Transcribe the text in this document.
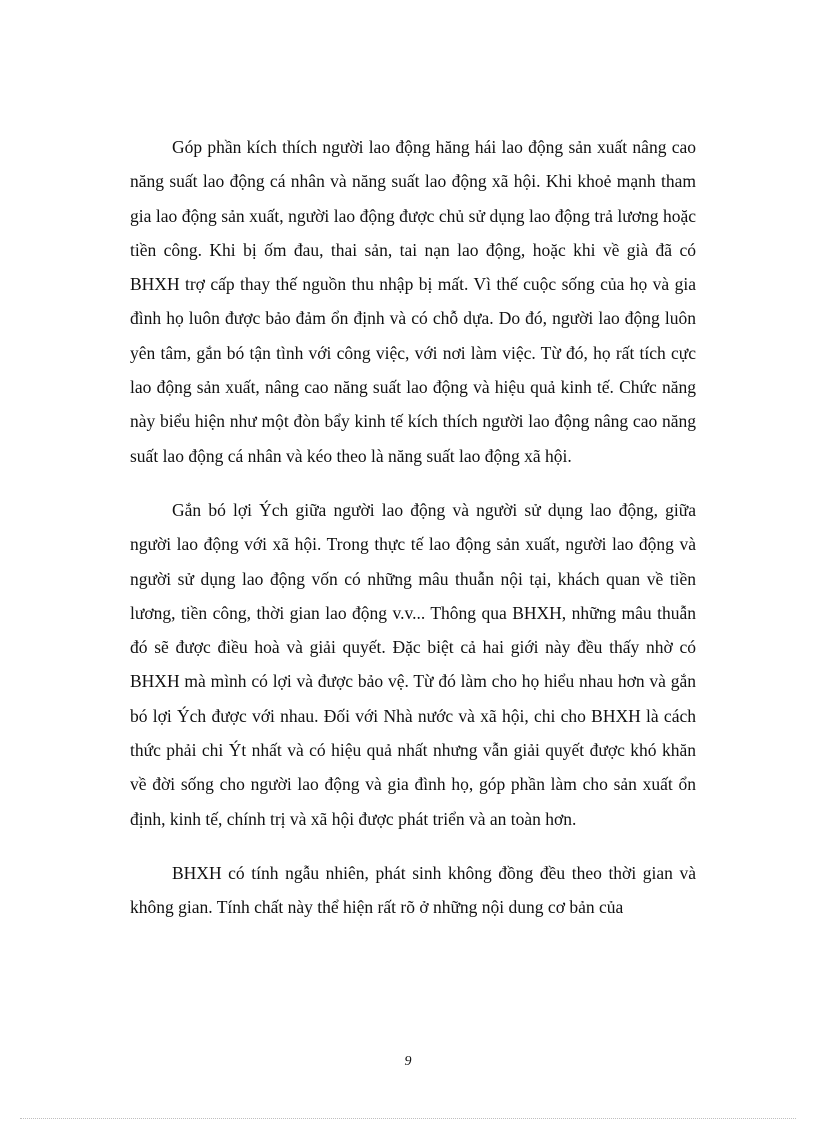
Góp phần kích thích người lao động hăng hái lao động sản xuất nâng cao năng suất lao động cá nhân và năng suất lao động xã hội. Khi khoẻ mạnh tham gia lao động sản xuất, người lao động được chủ sử dụng lao động trả lương hoặc tiền công. Khi bị ốm đau, thai sản, tai nạn lao động, hoặc khi về già đã có BHXH trợ cấp thay thế nguồn thu nhập bị mất. Vì thế cuộc sống của họ và gia đình họ luôn được bảo đảm ổn định và có chỗ dựa. Do đó, người lao động luôn yên tâm, gắn bó tận tình với công việc, với nơi làm việc. Từ đó, họ rất tích cực lao động sản xuất, nâng cao năng suất lao động và hiệu quả kinh tế. Chức năng này biểu hiện như một đòn bẩy kinh tế kích thích người lao động nâng cao năng suất lao động cá nhân và kéo theo là năng suất lao động xã hội.

Gắn bó lợi Ých giữa người lao động và người sử dụng lao động, giữa người lao động với xã hội. Trong thực tế lao động sản xuất, người lao động và người sử dụng lao động vốn có những mâu thuẫn nội tại, khách quan về tiền lương, tiền công, thời gian lao động v.v... Thông qua BHXH, những mâu thuẫn đó sẽ được điều hoà và giải quyết. Đặc biệt cả hai giới này đều thấy nhờ có BHXH mà mình có lợi và được bảo vệ. Từ đó làm cho họ hiểu nhau hơn và gắn bó lợi Ých được với nhau. Đối với Nhà nước và xã hội, chi cho BHXH là cách thức phải chi Ýt nhất và có hiệu quả nhất nhưng vẫn giải quyết được khó khăn về đời sống cho người lao động và gia đình họ, góp phần làm cho sản xuất ổn định, kinh tế, chính trị và xã hội được phát triển và an toàn hơn.

BHXH có tính ngẫu nhiên, phát sinh không đồng đều theo thời gian và không gian. Tính chất này thể hiện rất rõ ở những nội dung cơ bản của

9
